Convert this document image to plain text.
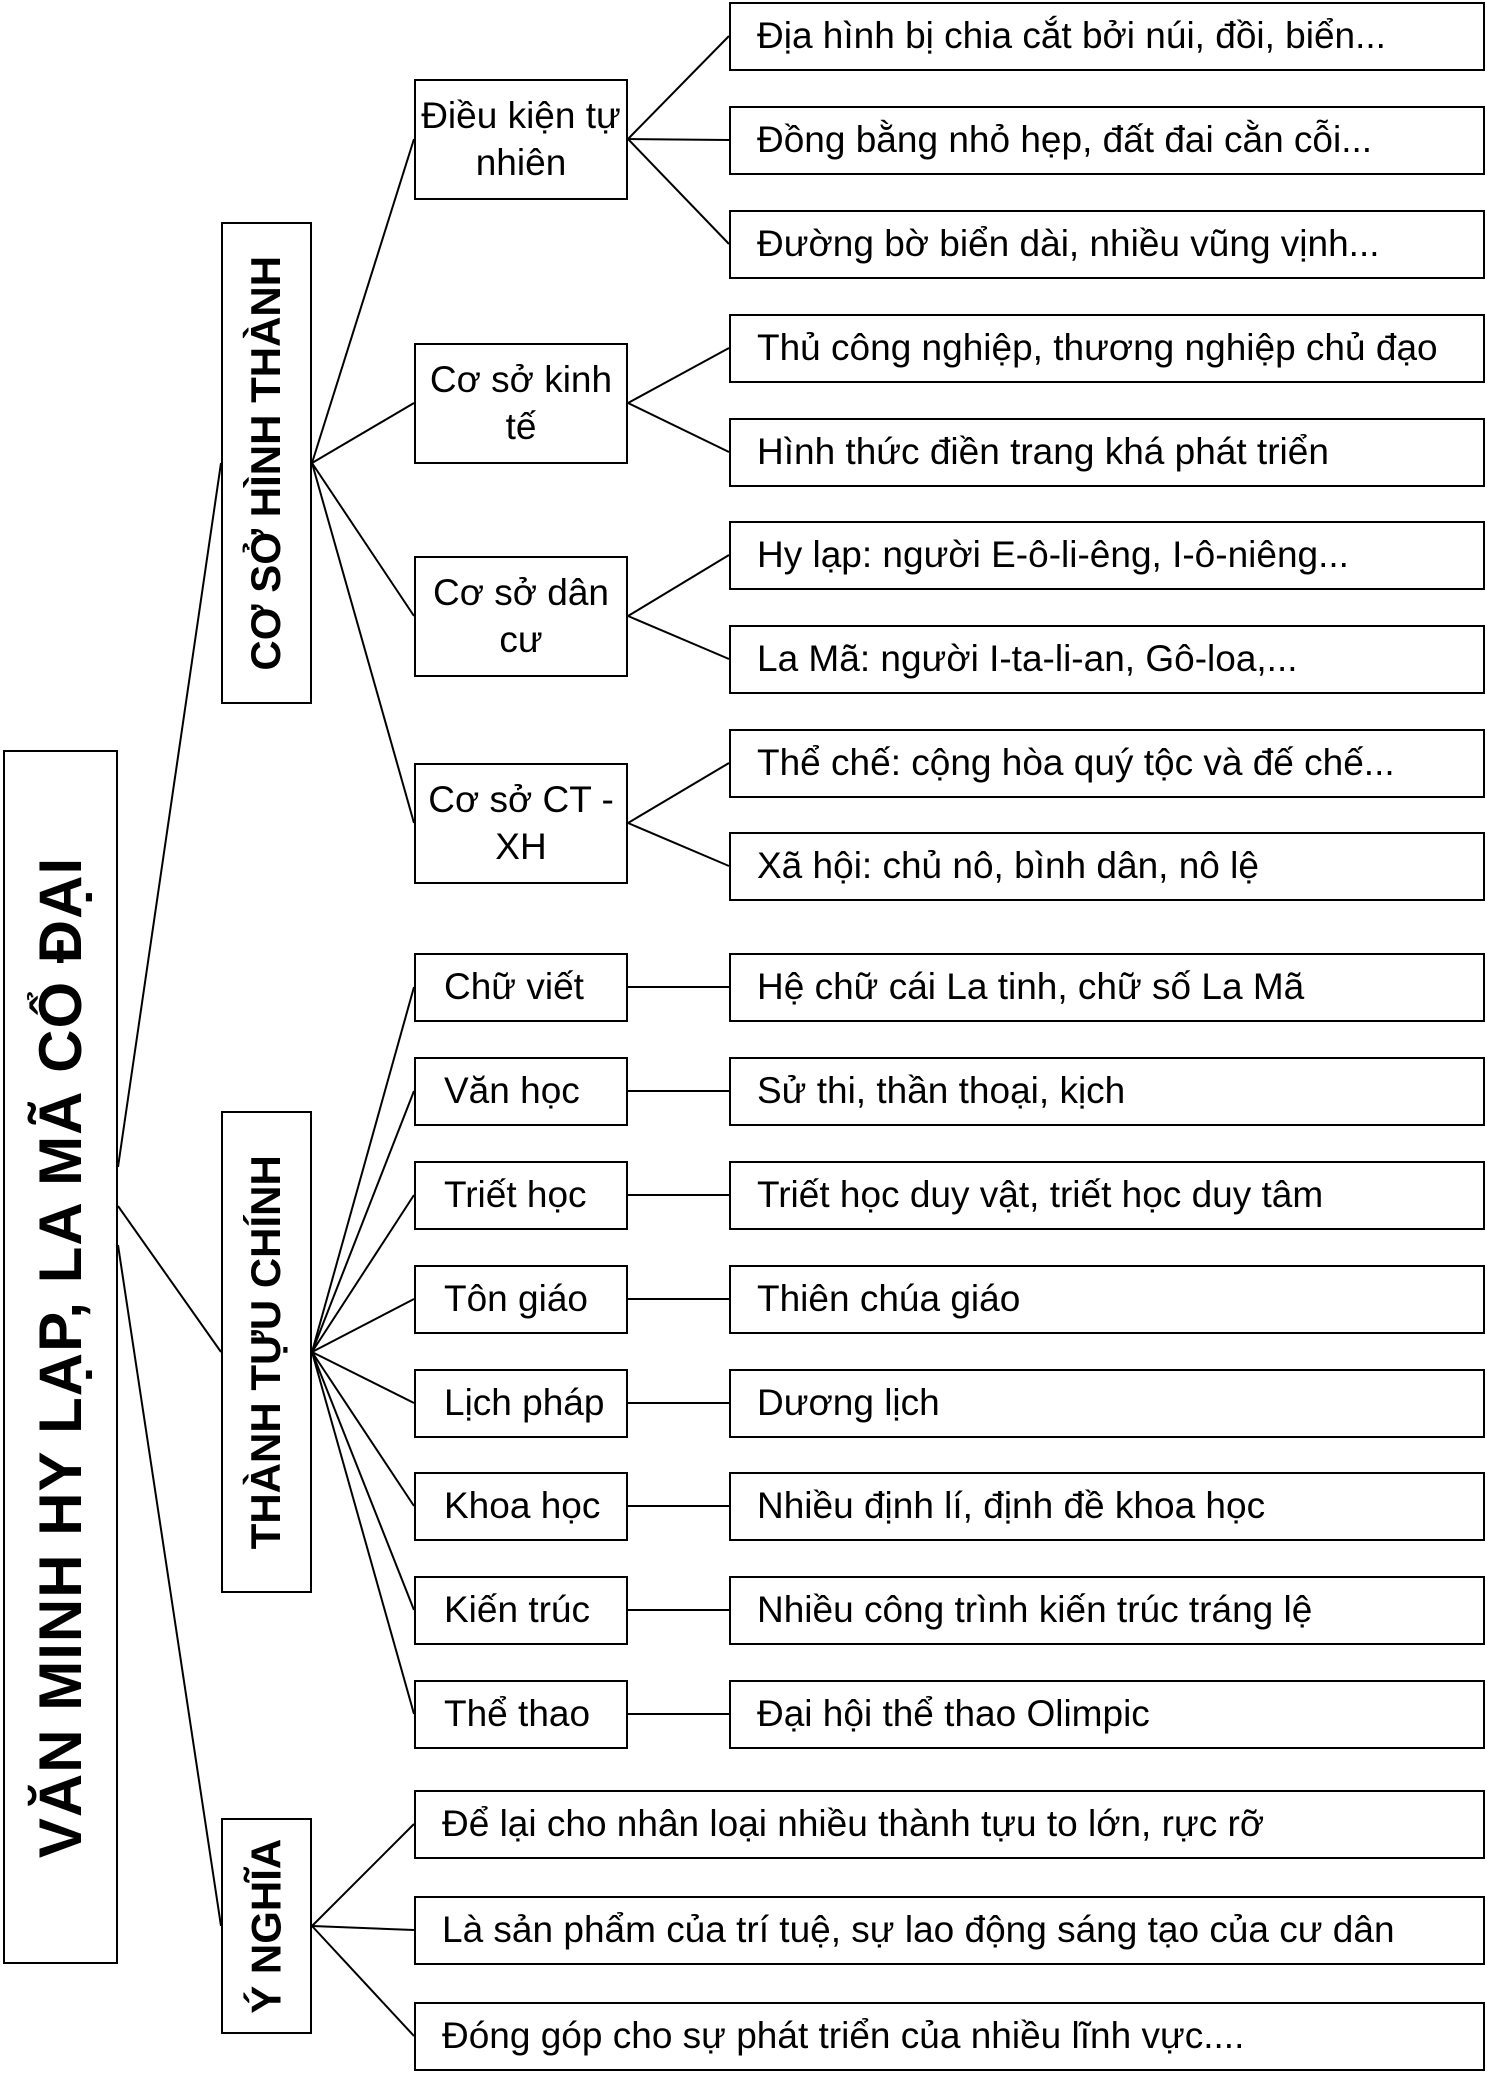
VĂN MINH HY LẠP, LA MÃ CỔ ĐẠI
CƠ SỞ HÌNH THÀNH
Điều kiện tự nhiên
Địa hình bị chia cắt bởi núi, đồi, biển...
Đồng bằng nhỏ hẹp, đất đai cằn cỗi...
Đường bờ biển dài, nhiều vũng vịnh...
Cơ sở kinh tế
Thủ công nghiệp, thương nghiệp chủ đạo
Hình thức điền trang khá phát triển
Cơ sở dân cư
Hy lạp: người E-ô-li-êng, I-ô-niêng...
La Mã: người I-ta-li-an, Gô-loa,...
Cơ sở CT - XH
Thể chế: cộng hòa quý tộc và đế chế...
Xã hội: chủ nô, bình dân, nô lệ
THÀNH TỰU CHÍNH
Chữ viết	Hệ chữ cái La tinh, chữ số La Mã
Văn học	Sử thi, thần thoại, kịch
Triết học	Triết học duy vật, triết học duy tâm
Tôn giáo	Thiên chúa giáo
Lịch pháp	Dương lịch
Khoa học	Nhiều định lí, định đề khoa học
Kiến trúc	Nhiều công trình kiến trúc tráng lệ
Thể thao	Đại hội thể thao Olimpic
Ý NGHĨA
Để lại cho nhân loại nhiều thành tựu to lớn, rực rỡ
Là sản phẩm của trí tuệ, sự lao động sáng tạo của cư dân
Đóng góp cho sự phát triển của nhiều lĩnh vực....
